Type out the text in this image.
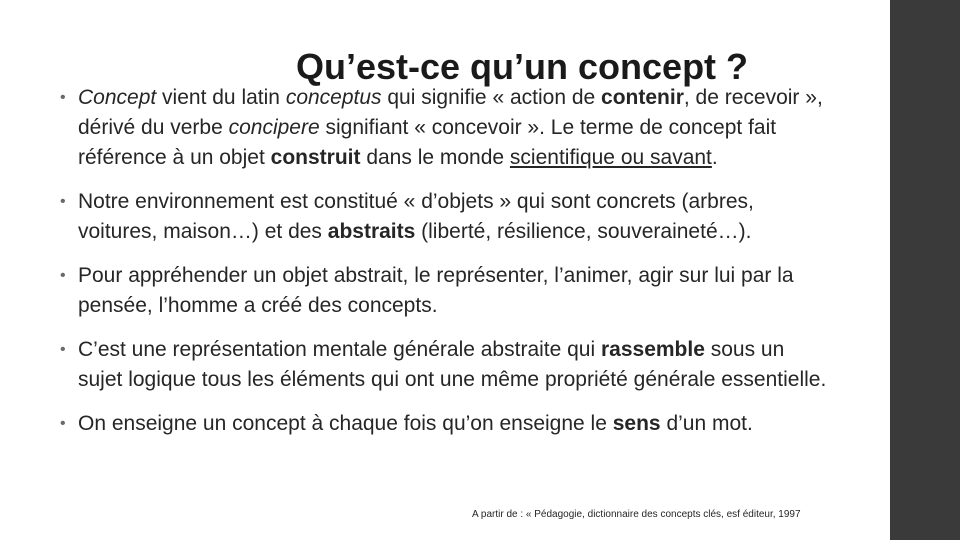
Qu’est-ce qu’un concept ?
• Concept vient du latin conceptus qui signifie « action de contenir, de recevoir », dérivé du verbe concipere signifiant « concevoir ». Le terme de concept fait référence à un objet construit dans le monde scientifique ou savant.
• Notre environnement est constitué « d’objets » qui sont concrets (arbres, voitures, maison…) et des abstraits (liberté, résilience, souveraineté…).
• Pour appréhender un objet abstrait, le représenter, l’animer, agir sur lui par la pensée, l’homme a créé des concepts.
• C’est une représentation mentale générale abstraite qui rassemble sous un sujet logique tous les éléments qui ont une même propriété générale essentielle.
• On enseigne un concept à chaque fois qu’on enseigne le sens d’un mot.
A partir de : « Pédagogie, dictionnaire des concepts clés, esf éditeur, 1997
